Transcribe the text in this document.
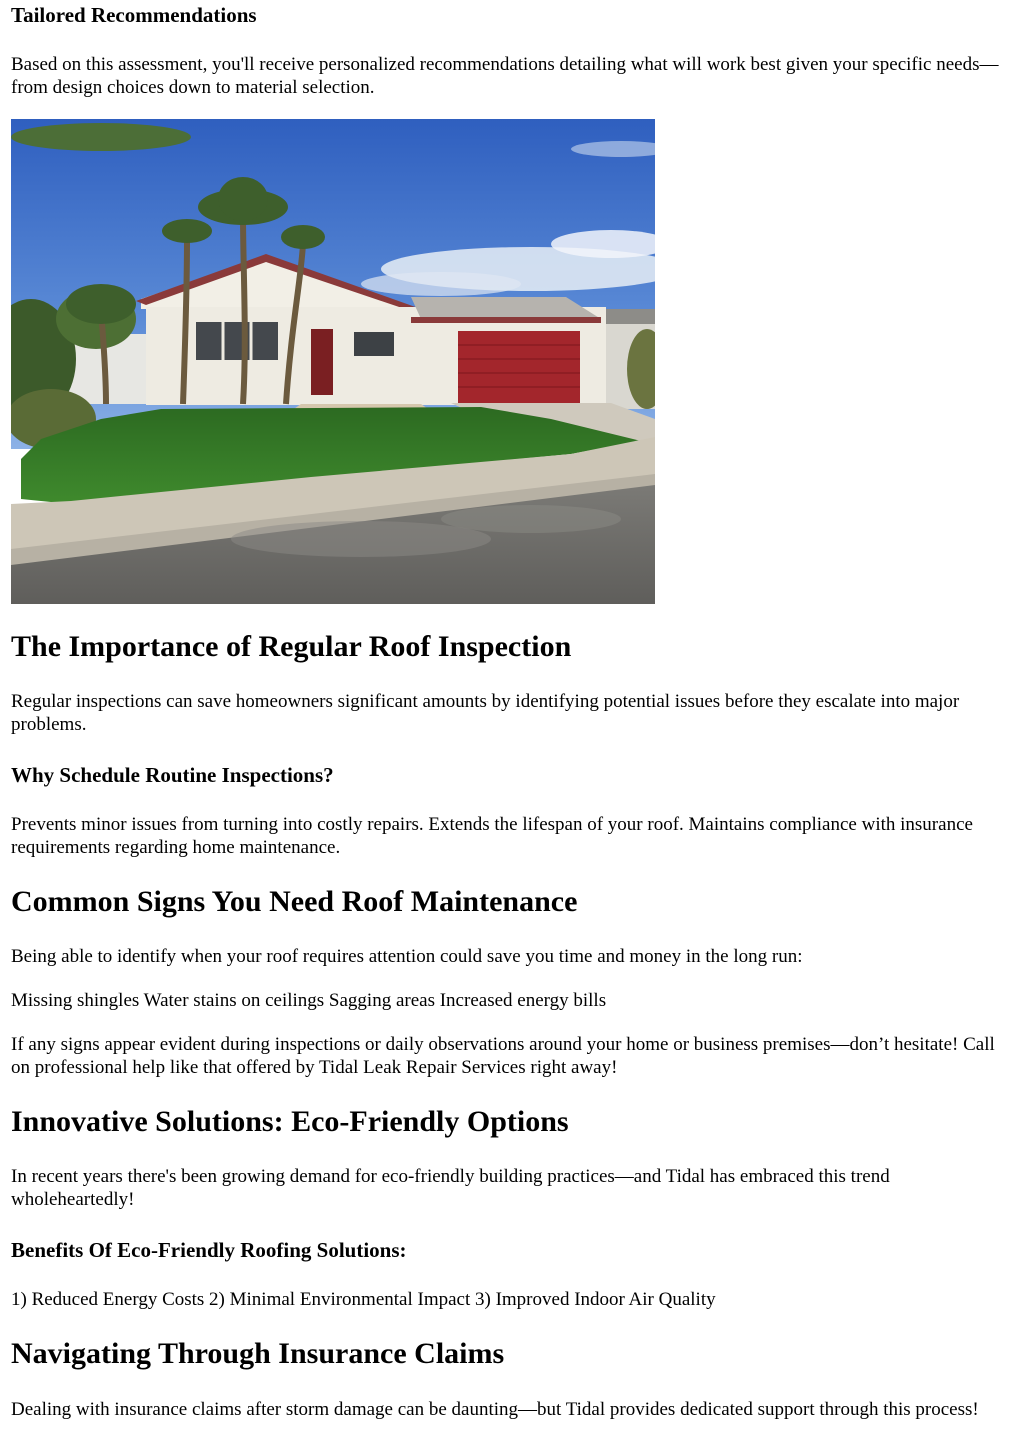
Tailored Recommendations

Based on this assessment, you'll receive personalized recommendations detailing what will work best given your specific needs—from design choices down to material selection.

The Importance of Regular Roof Inspection

Regular inspections can save homeowners significant amounts by identifying potential issues before they escalate into major problems.

Why Schedule Routine Inspections?

Prevents minor issues from turning into costly repairs. Extends the lifespan of your roof. Maintains compliance with insurance requirements regarding home maintenance.

Common Signs You Need Roof Maintenance

Being able to identify when your roof requires attention could save you time and money in the long run:

Missing shingles Water stains on ceilings Sagging areas Increased energy bills

If any signs appear evident during inspections or daily observations around your home or business premises—don’t hesitate! Call on professional help like that offered by Tidal Leak Repair Services right away!

Innovative Solutions: Eco-Friendly Options

In recent years there's been growing demand for eco-friendly building practices—and Tidal has embraced this trend wholeheartedly!

Benefits Of Eco-Friendly Roofing Solutions:

1) Reduced Energy Costs 2) Minimal Environmental Impact 3) Improved Indoor Air Quality

Navigating Through Insurance Claims

Dealing with insurance claims after storm damage can be daunting—but Tidal provides dedicated support through this process!
